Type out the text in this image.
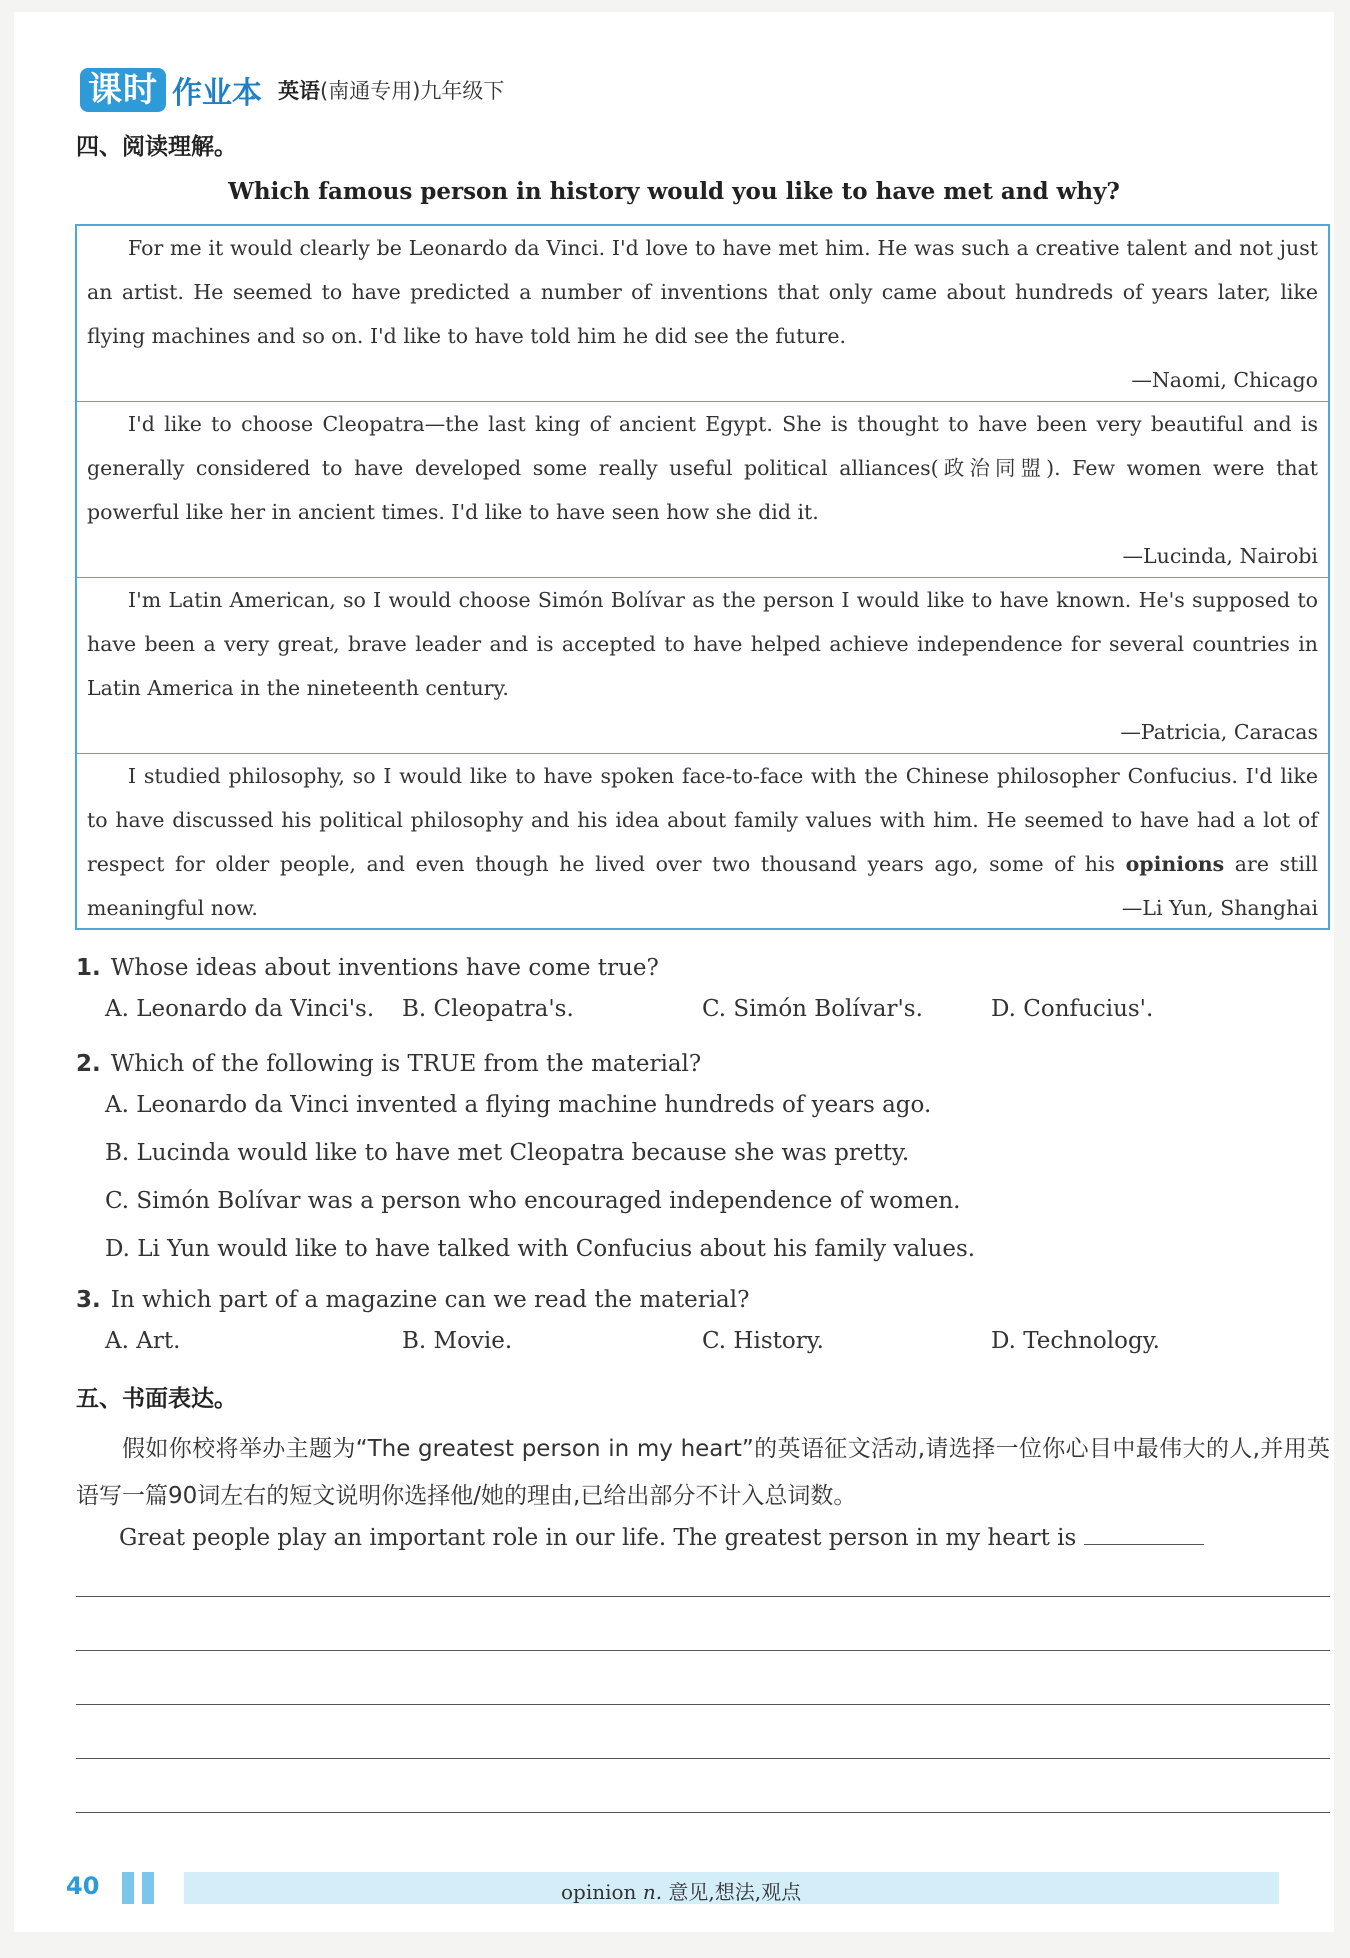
课时 作业本 英语(南通专用)九年级下
四、阅读理解。
Which famous person in history would you like to have met and why?

For me it would clearly be Leonardo da Vinci. I'd love to have met him. He was such a creative talent and not just an artist. He seemed to have predicted a number of inventions that only came about hundreds of years later, like flying machines and so on. I'd like to have told him he did see the future.

—Naomi, Chicago

I'd like to choose Cleopatra—the last king of ancient Egypt. She is thought to have been very beautiful and is generally considered to have developed some really useful political alliances(政治同盟). Few women were that powerful like her in ancient times. I'd like to have seen how she did it.

—Lucinda, Nairobi

I'm Latin American, so I would choose Simón Bolívar as the person I would like to have known. He's supposed to have been a very great, brave leader and is accepted to have helped achieve independence for several countries in Latin America in the nineteenth century.

—Patricia, Caracas

I studied philosophy, so I would like to have spoken face-to-face with the Chinese philosopher Confucius. I'd like to have discussed his political philosophy and his idea about family values with him. He seemed to have had a lot of respect for older people, and even though he lived over two thousand years ago, some of his opinions are still meaningful now.	—Li Yun, Shanghai

1. Whose ideas about inventions have come true?
A. Leonardo da Vinci's. B. Cleopatra's.	C. Simón Bolívar's.	D. Confucius'.
2. Which of the following is TRUE from the material?
A. Leonardo da Vinci invented a flying machine hundreds of years ago.
B. Lucinda would like to have met Cleopatra because she was pretty.
C. Simón Bolívar was a person who encouraged independence of women.
D. Li Yun would like to have talked with Confucius about his family values.
3. In which part of a magazine can we read the material?
A. Art.	B. Movie.	C. History.	D. Technology.
五、书面表达。
假如你校将举办主题为“The greatest person in my heart”的英语征文活动,请选择一位你心目中最伟大的人,并用英语写一篇90词左右的短文说明你选择他/她的理由,已给出部分不计入总词数。
Great people play an important role in our life. The greatest person in my heart is
40	opinion n. 意见,想法,观点
